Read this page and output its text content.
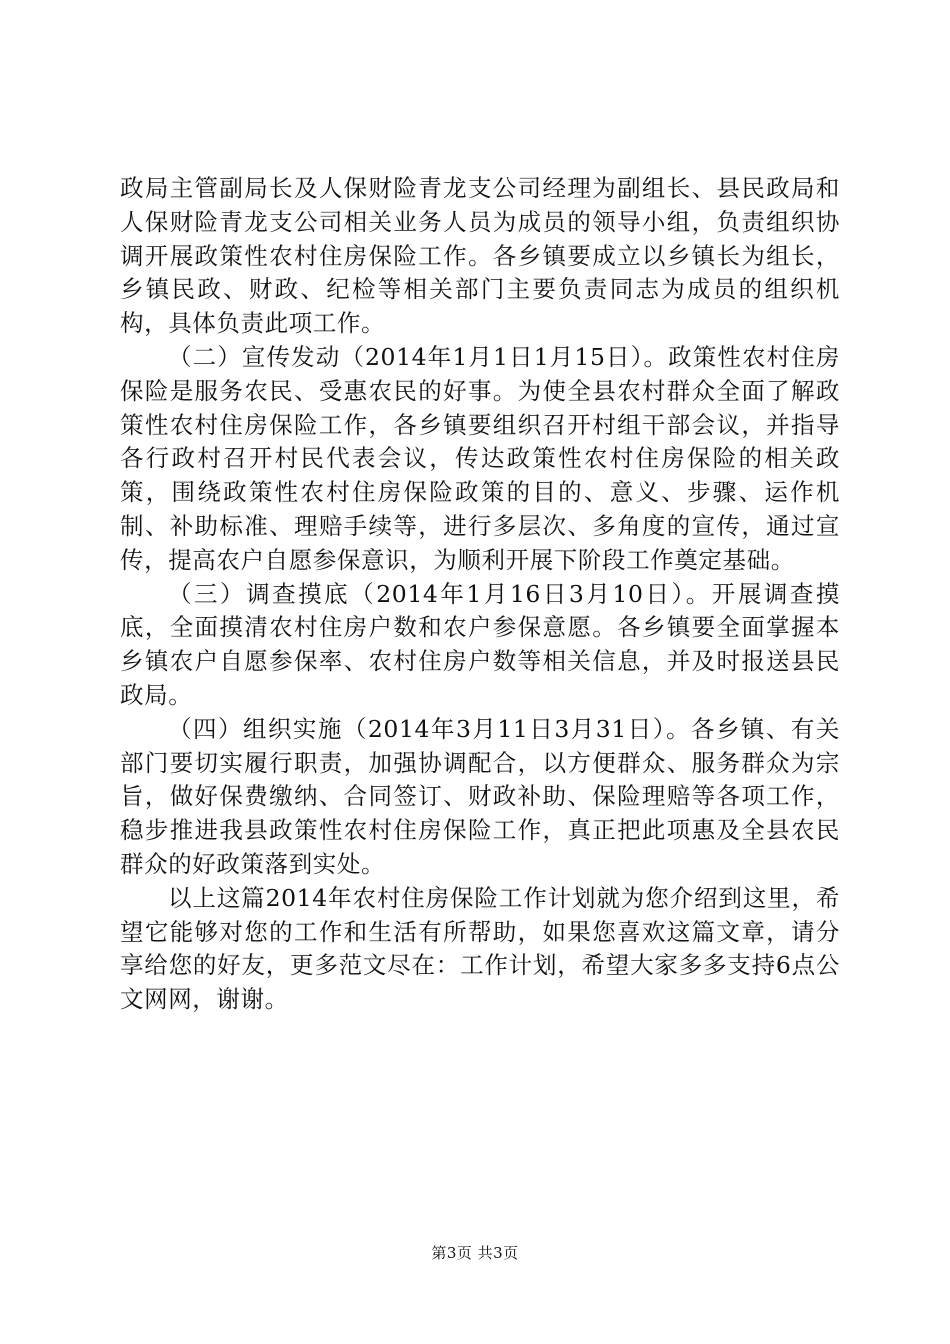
政局主管副局长及人保财险青龙支公司经理为副组长、县民政局和人保财险青龙支公司相关业务人员为成员的领导小组，负责组织协调开展政策性农村住房保险工作。各乡镇要成立以乡镇长为组长，乡镇民政、财政、纪检等相关部门主要负责同志为成员的组织机构，具体负责此项工作。

（二）宣传发动（2014年1月1日1月15日）。政策性农村住房保险是服务农民、受惠农民的好事。为使全县农村群众全面了解政策性农村住房保险工作，各乡镇要组织召开村组干部会议，并指导各行政村召开村民代表会议，传达政策性农村住房保险的相关政策，围绕政策性农村住房保险政策的目的、意义、步骤、运作机制、补助标准、理赔手续等，进行多层次、多角度的宣传，通过宣传，提高农户自愿参保意识，为顺利开展下阶段工作奠定基础。

（三）调查摸底（2014年1月16日3月10日）。开展调查摸底，全面摸清农村住房户数和农户参保意愿。各乡镇要全面掌握本乡镇农户自愿参保率、农村住房户数等相关信息，并及时报送县民政局。

（四）组织实施（2014年3月11日3月31日）。各乡镇、有关部门要切实履行职责，加强协调配合，以方便群众、服务群众为宗旨，做好保费缴纳、合同签订、财政补助、保险理赔等各项工作，稳步推进我县政策性农村住房保险工作，真正把此项惠及全县农民群众的好政策落到实处。

以上这篇2014年农村住房保险工作计划就为您介绍到这里，希望它能够对您的工作和生活有所帮助，如果您喜欢这篇文章，请分享给您的好友，更多范文尽在：工作计划，希望大家多多支持6点公文网网，谢谢。

第3页 共3页
